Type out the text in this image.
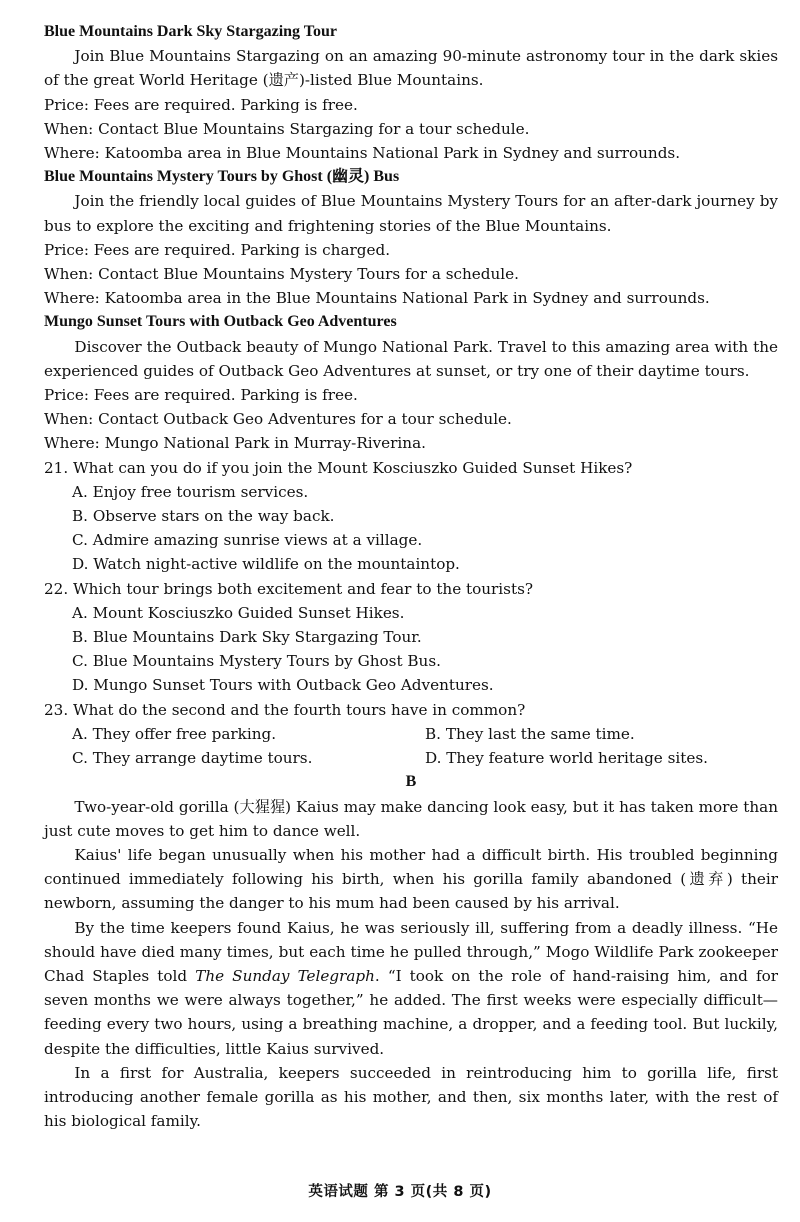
Blue Mountains Dark Sky Stargazing Tour
Join Blue Mountains Stargazing on an amazing 90-minute astronomy tour in the dark skies of the great World Heritage (遗产)-listed Blue Mountains.
Price: Fees are required. Parking is free.
When: Contact Blue Mountains Stargazing for a tour schedule.
Where: Katoomba area in Blue Mountains National Park in Sydney and surrounds.
Blue Mountains Mystery Tours by Ghost (幽灵) Bus
Join the friendly local guides of Blue Mountains Mystery Tours for an after-dark journey by bus to explore the exciting and frightening stories of the Blue Mountains.
Price: Fees are required. Parking is charged.
When: Contact Blue Mountains Mystery Tours for a schedule.
Where: Katoomba area in the Blue Mountains National Park in Sydney and surrounds.
Mungo Sunset Tours with Outback Geo Adventures
Discover the Outback beauty of Mungo National Park. Travel to this amazing area with the experienced guides of Outback Geo Adventures at sunset, or try one of their daytime tours.
Price: Fees are required. Parking is free.
When: Contact Outback Geo Adventures for a tour schedule.
Where: Mungo National Park in Murray-Riverina.
21. What can you do if you join the Mount Kosciuszko Guided Sunset Hikes?
A. Enjoy free tourism services.
B. Observe stars on the way back.
C. Admire amazing sunrise views at a village.
D. Watch night-active wildlife on the mountaintop.
22. Which tour brings both excitement and fear to the tourists?
A. Mount Kosciuszko Guided Sunset Hikes.
B. Blue Mountains Dark Sky Stargazing Tour.
C. Blue Mountains Mystery Tours by Ghost Bus.
D. Mungo Sunset Tours with Outback Geo Adventures.
23. What do the second and the fourth tours have in common?
A. They offer free parking.	B. They last the same time.
C. They arrange daytime tours.	D. They feature world heritage sites.
B

Two-year-old gorilla (大猩猩) Kaius may make dancing look easy, but it has taken more than just cute moves to get him to dance well.

Kaius' life began unusually when his mother had a difficult birth. His troubled beginning continued immediately following his birth, when his gorilla family abandoned (遗弃) their newborn, assuming the danger to his mum had been caused by his arrival.

By the time keepers found Kaius, he was seriously ill, suffering from a deadly illness. “He should have died many times, but each time he pulled through,” Mogo Wildlife Park zookeeper Chad Staples told The Sunday Telegraph. “I took on the role of hand-raising him, and for seven months we were always together,” he added. The first weeks were especially difficult—feeding every two hours, using a breathing machine, a dropper, and a feeding tool. But luckily, despite the difficulties, little Kaius survived.

In a first for Australia, keepers succeeded in reintroducing him to gorilla life, first introducing another female gorilla as his mother, and then, six months later, with the rest of his biological family.

英语试题 第 3 页(共 8 页)
